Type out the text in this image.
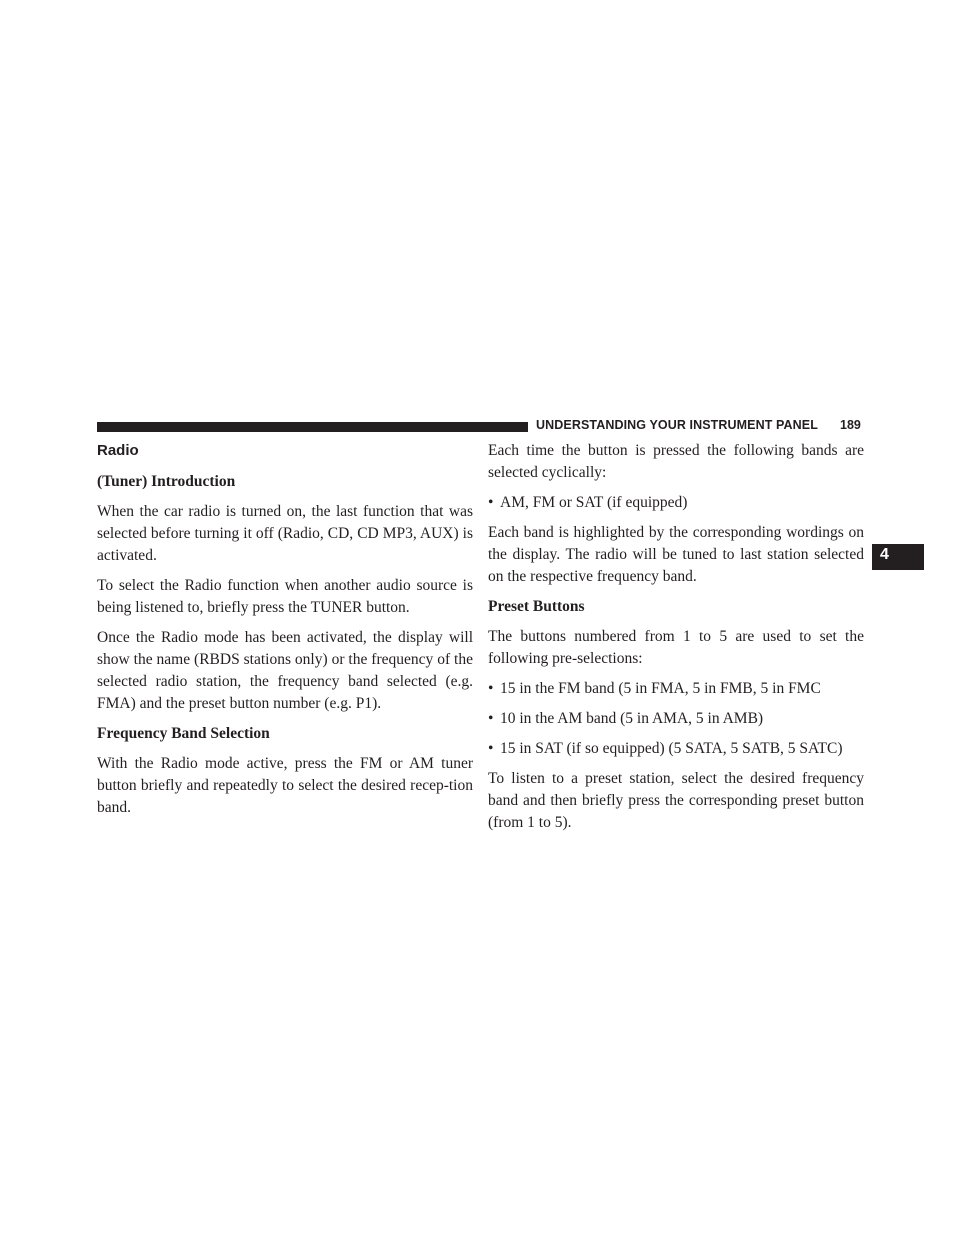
UNDERSTANDING YOUR INSTRUMENT PANEL 189
4
Radio
(Tuner) Introduction

When the car radio is turned on, the last function that was selected before turning it off (Radio, CD, CD MP3, AUX) is activated.

To select the Radio function when another audio source is being listened to, briefly press the TUNER button.

Once the Radio mode has been activated, the display will show the name (RBDS stations only) or the frequency of the selected radio station, the frequency band selected (e.g. FMA) and the preset button number (e.g. P1).

Frequency Band Selection

With the Radio mode active, press the FM or AM tuner button briefly and repeatedly to select the desired recep-tion band.

Each time the button is pressed the following bands are selected cyclically:

• AM, FM or SAT (if equipped)

Each band is highlighted by the corresponding wordings on the display. The radio will be tuned to last station selected on the respective frequency band.

Preset Buttons

The buttons numbered from 1 to 5 are used to set the following pre-selections:

• 15 in the FM band (5 in FMA, 5 in FMB, 5 in FMC
• 10 in the AM band (5 in AMA, 5 in AMB)
• 15 in SAT (if so equipped) (5 SATA, 5 SATB, 5 SATC)

To listen to a preset station, select the desired frequency band and then briefly press the corresponding preset button (from 1 to 5).
